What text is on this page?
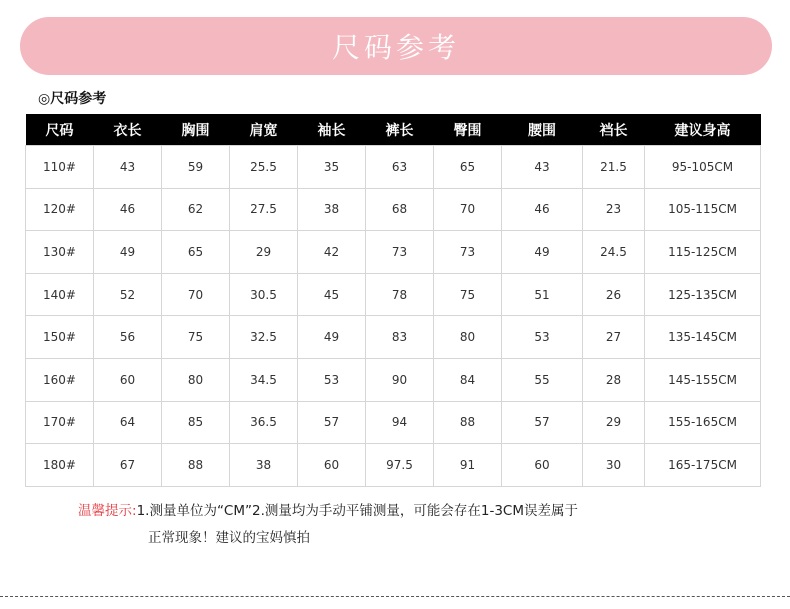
尺码参考
◎尺码参考
尺码	衣长	胸围	肩宽	袖长	裤长	臀围	腰围	裆长	建议身高
110#	43	59	25.5	35	63	65	43	21.5	95-105CM
120#	46	62	27.5	38	68	70	46	23	105-115CM
130#	49	65	29	42	73	73	49	24.5	115-125CM
140#	52	70	30.5	45	78	75	51	26	125-135CM
150#	56	75	32.5	49	83	80	53	27	135-145CM
160#	60	80	34.5	53	90	84	55	28	145-155CM
170#	64	85	36.5	57	94	88	57	29	155-165CM
180#	67	88	38	60	97.5	91	60	30	165-175CM
温馨提示:1.测量单位为“CM”2.测量均为手动平铺测量，可能会存在1-3CM误差属于
正常现象！建议的宝妈慎拍
